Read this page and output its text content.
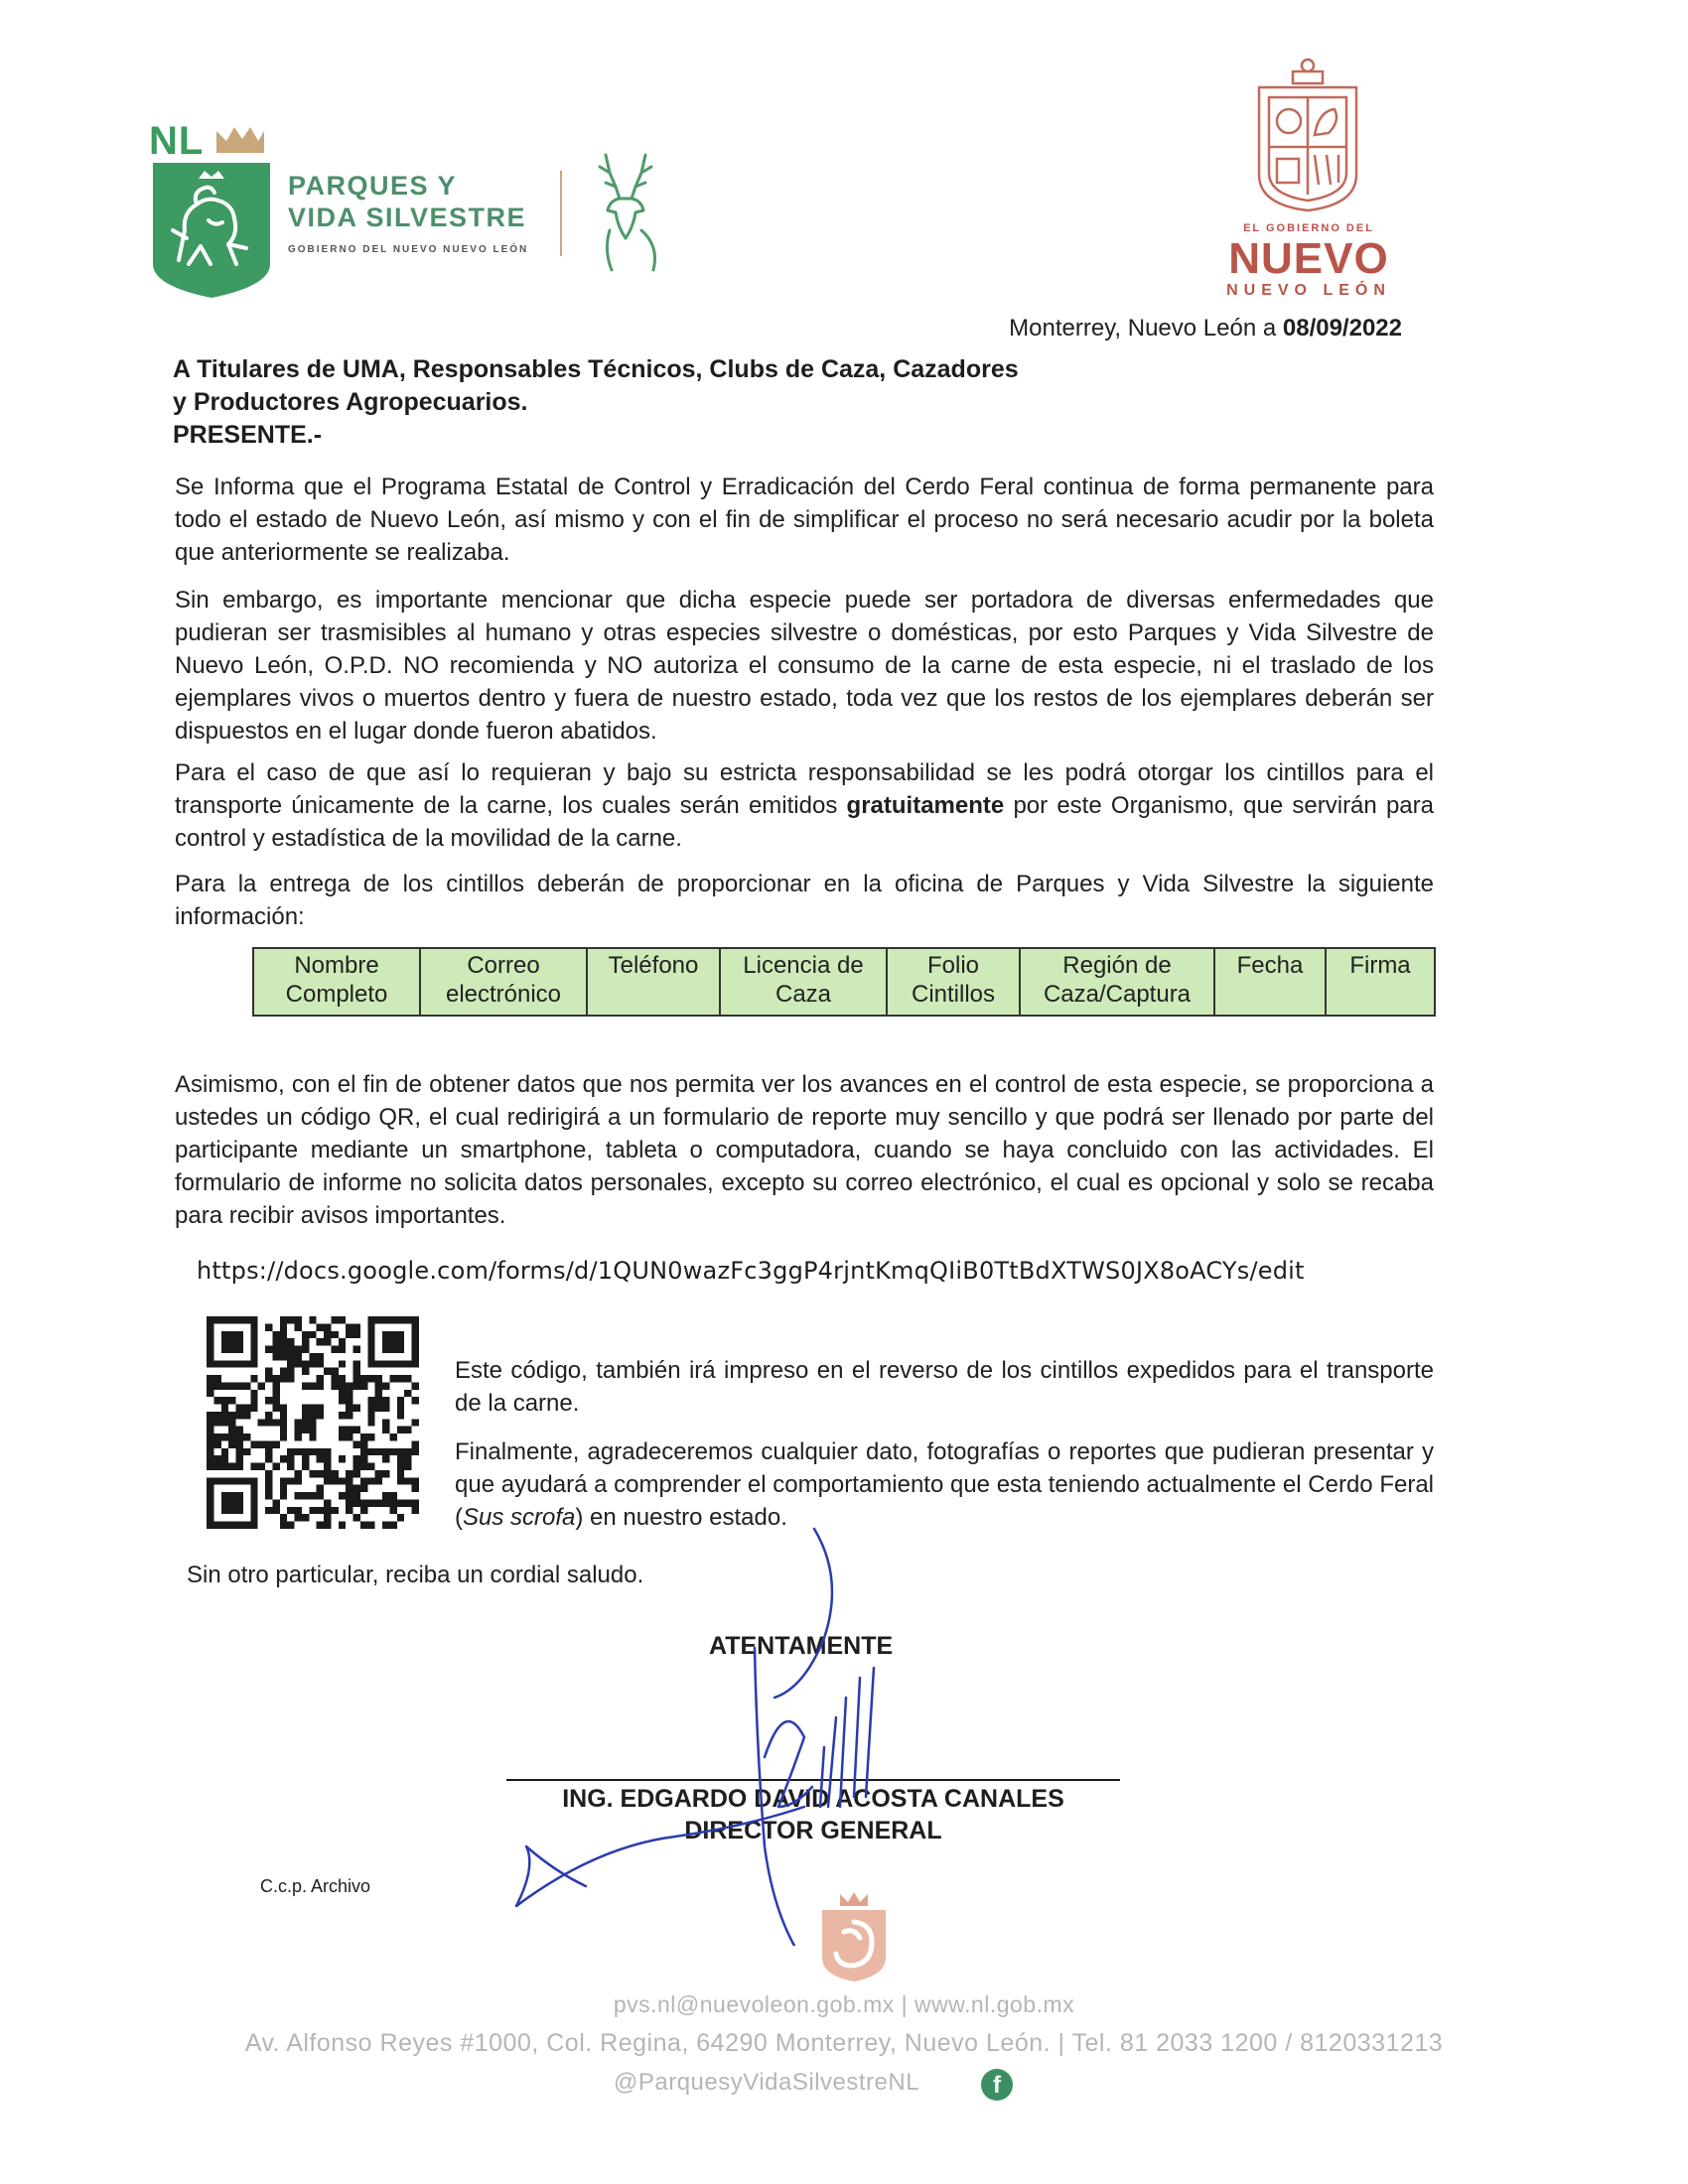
NL
PARQUES Y
VIDA SILVESTRE
GOBIERNO DEL NUEVO NUEVO LEÓN
EL GOBIERNO DEL
NUEVO
NUEVO LEÓN
Monterrey, Nuevo León a 08/09/2022
A Titulares de UMA, Responsables Técnicos, Clubs de Caza, Cazadores
y Productores Agropecuarios.
PRESENTE.-
Se Informa que el Programa Estatal de Control y Erradicación del Cerdo Feral continua de forma permanente para todo el estado de Nuevo León, así mismo y con el fin de simplificar el proceso no será necesario acudir por la boleta que anteriormente se realizaba.
Sin embargo, es importante mencionar que dicha especie puede ser portadora de diversas enfermedades que pudieran ser trasmisibles al humano y otras especies silvestre o domésticas, por esto Parques y Vida Silvestre de Nuevo León, O.P.D. NO recomienda y NO autoriza el consumo de la carne de esta especie, ni el traslado de los ejemplares vivos o muertos dentro y fuera de nuestro estado, toda vez que los restos de los ejemplares deberán ser dispuestos en el lugar donde fueron abatidos.
Para el caso de que así lo requieran y bajo su estricta responsabilidad se les podrá otorgar los cintillos para el transporte únicamente de la carne, los cuales serán emitidos gratuitamente por este Organismo, que servirán para control y estadística de la movilidad de la carne.
Para la entrega de los cintillos deberán de proporcionar en la oficina de Parques y Vida Silvestre la siguiente información:
Nombre Completo	Correo electrónico	Teléfono	Licencia de Caza	Folio Cintillos	Región de Caza/Captura	Fecha	Firma
Asimismo, con el fin de obtener datos que nos permita ver los avances en el control de esta especie, se proporciona a ustedes un código QR, el cual redirigirá a un formulario de reporte muy sencillo y que podrá ser llenado por parte del participante mediante un smartphone, tableta o computadora, cuando se haya concluido con las actividades. El formulario de informe no solicita datos personales, excepto su correo electrónico, el cual es opcional y solo se recaba para recibir avisos importantes.
https://docs.google.com/forms/d/1QUN0wazFc3ggP4rjntKmqQIiB0TtBdXTWS0JX8oACYs/edit
Este código, también irá impreso en el reverso de los cintillos expedidos para el transporte de la carne.
Finalmente, agradeceremos cualquier dato, fotografías o reportes que pudieran presentar y que ayudará a comprender el comportamiento que esta teniendo actualmente el Cerdo Feral (Sus scrofa) en nuestro estado.
Sin otro particular, reciba un cordial saludo.
ATENTAMENTE
ING. EDGARDO DAVID ACOSTA CANALES
DIRECTOR GENERAL
C.c.p. Archivo
pvs.nl@nuevoleon.gob.mx | www.nl.gob.mx
Av. Alfonso Reyes #1000, Col. Regina, 64290 Monterrey, Nuevo León. | Tel. 81 2033 1200 / 8120331213
@ParquesyVidaSilvestreNL	f
